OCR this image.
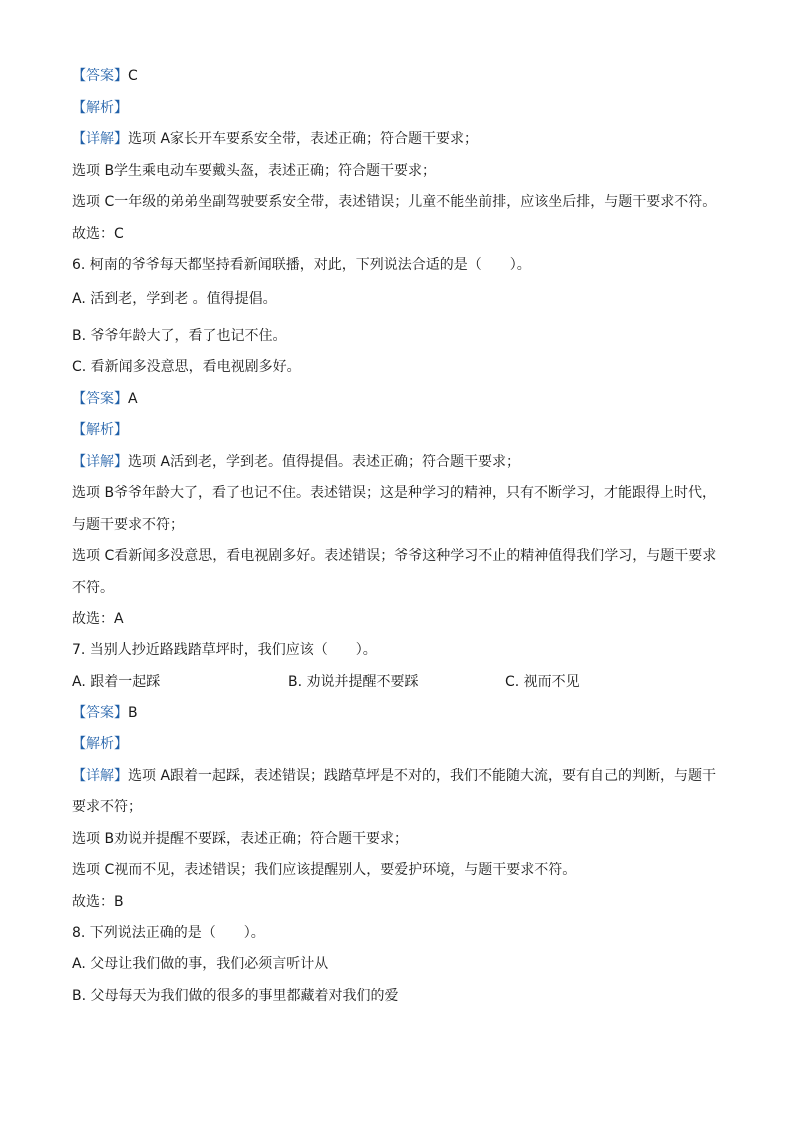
【答案】C
【解析】
【详解】选项 A家长开车要系安全带，表述正确；符合题干要求；
选项 B学生乘电动车要戴头盔，表述正确；符合题干要求；
选项 C一年级的弟弟坐副驾驶要系安全带，表述错误；儿童不能坐前排，应该坐后排，与题干要求不符。
故选：C
6. 柯南的爷爷每天都坚持看新闻联播，对此，下列说法合适的是（　　）。
A. 活到老，学到老 。值得提倡。
B. 爷爷年龄大了，看了也记不住。
C. 看新闻多没意思，看电视剧多好。
【答案】A
【解析】
【详解】选项 A活到老，学到老。值得提倡。表述正确；符合题干要求；
选项 B爷爷年龄大了，看了也记不住。表述错误；这是种学习的精神，只有不断学习，才能跟得上时代，
与题干要求不符；
选项 C看新闻多没意思，看电视剧多好。表述错误；爷爷这种学习不止的精神值得我们学习，与题干要求
不符。
故选：A
7. 当别人抄近路践踏草坪时，我们应该（　　）。
A. 跟着一起踩	B. 劝说并提醒不要踩	C. 视而不见
【答案】B
【解析】
【详解】选项 A跟着一起踩，表述错误；践踏草坪是不对的，我们不能随大流，要有自己的判断，与题干
要求不符；
选项 B劝说并提醒不要踩，表述正确；符合题干要求；
选项 C视而不见，表述错误；我们应该提醒别人，要爱护环境，与题干要求不符。
故选：B
8. 下列说法正确的是（　　）。
A. 父母让我们做的事，我们必须言听计从
B. 父母每天为我们做的很多的事里都藏着对我们的爱
